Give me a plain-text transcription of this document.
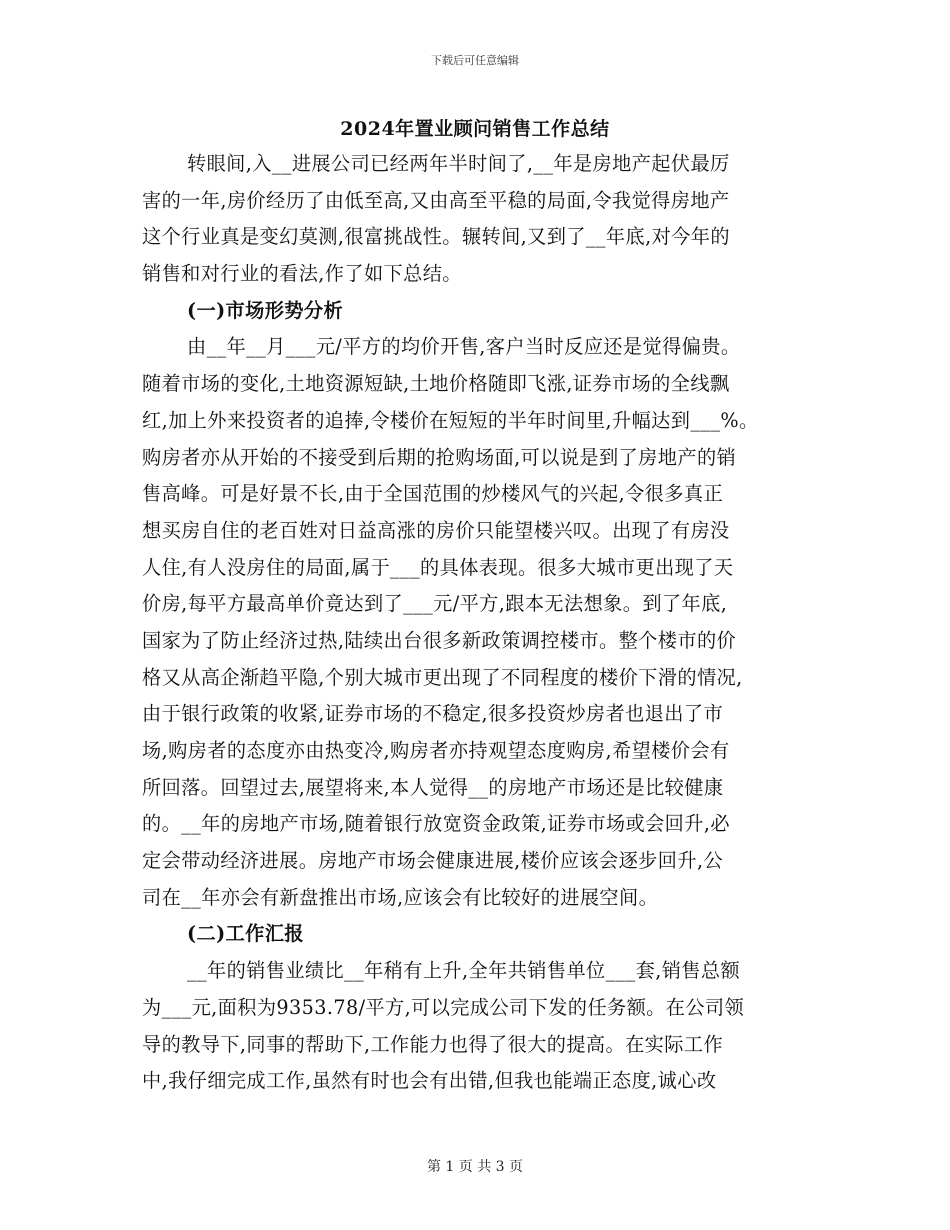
下载后可任意编辑
2024年置业顾问销售工作总结
转眼间,入__进展公司已经两年半时间了,__年是房地产起伏最厉
害的一年,房价经历了由低至高,又由高至平稳的局面,令我觉得房地产
这个行业真是变幻莫测,很富挑战性。辗转间,又到了__年底,对今年的
销售和对行业的看法,作了如下总结。
(一)市场形势分析
由__年__月___元/平方的均价开售,客户当时反应还是觉得偏贵。
随着市场的变化,土地资源短缺,土地价格随即飞涨,证券市场的全线飘
红,加上外来投资者的追捧,令楼价在短短的半年时间里,升幅达到___%。
购房者亦从开始的不接受到后期的抢购场面,可以说是到了房地产的销
售高峰。可是好景不长,由于全国范围的炒楼风气的兴起,令很多真正
想买房自住的老百姓对日益高涨的房价只能望楼兴叹。出现了有房没
人住,有人没房住的局面,属于___的具体表现。很多大城市更出现了天
价房,每平方最高单价竟达到了___元/平方,跟本无法想象。到了年底,
国家为了防止经济过热,陆续出台很多新政策调控楼市。整个楼市的价
格又从高企渐趋平隐,个别大城市更出现了不同程度的楼价下滑的情况,
由于银行政策的收紧,证券市场的不稳定,很多投资炒房者也退出了市
场,购房者的态度亦由热变冷,购房者亦持观望态度购房,希望楼价会有
所回落。回望过去,展望将来,本人觉得__的房地产市场还是比较健康
的。__年的房地产市场,随着银行放宽资金政策,证券市场或会回升,必
定会带动经济进展。房地产市场会健康进展,楼价应该会逐步回升,公
司在__年亦会有新盘推出市场,应该会有比较好的进展空间。
(二)工作汇报
__年的销售业绩比__年稍有上升,全年共销售单位___套,销售总额
为___元,面积为9353.78/平方,可以完成公司下发的任务额。在公司领
导的教导下,同事的帮助下,工作能力也得了很大的提高。在实际工作
中,我仔细完成工作,虽然有时也会有出错,但我也能端正态度,诚心改
第 1 页 共 3 页
